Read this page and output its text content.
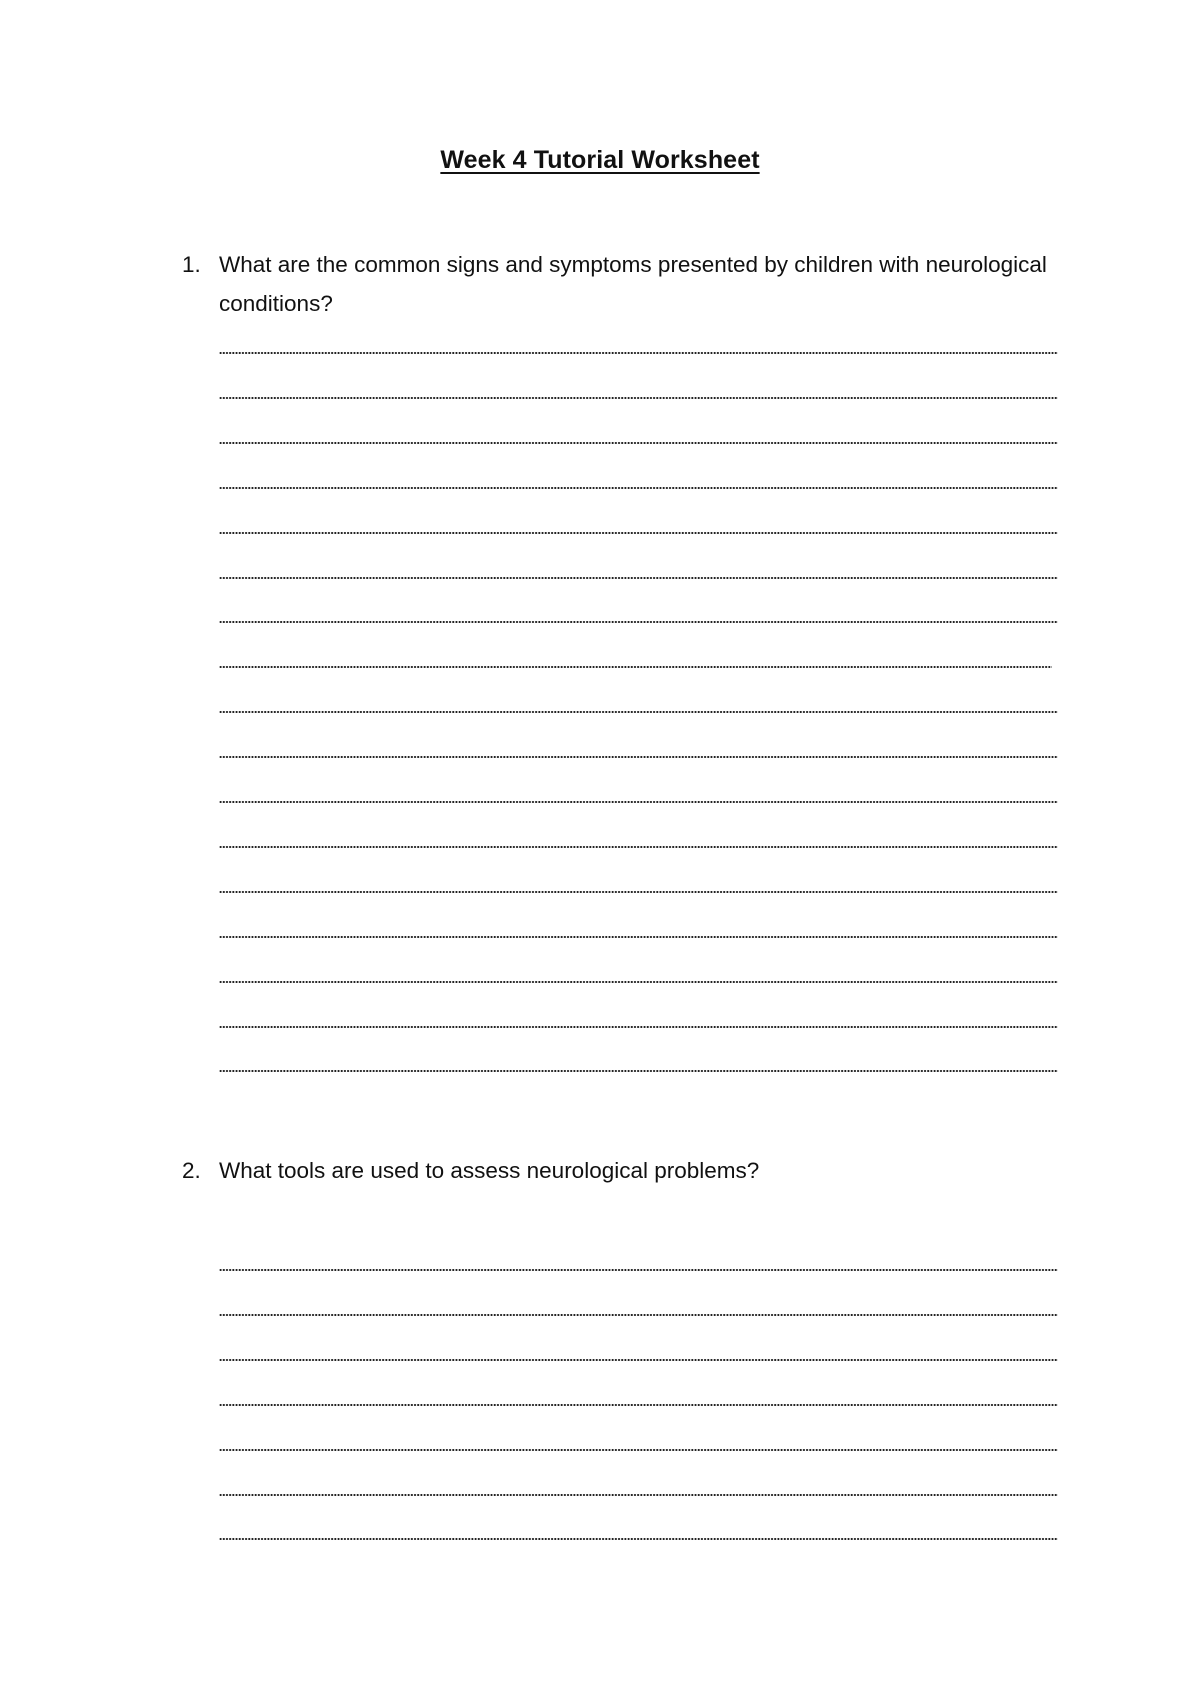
Week 4 Tutorial Worksheet
1. What are the common signs and symptoms presented by children with neurological conditions?
2. What tools are used to assess neurological problems?
